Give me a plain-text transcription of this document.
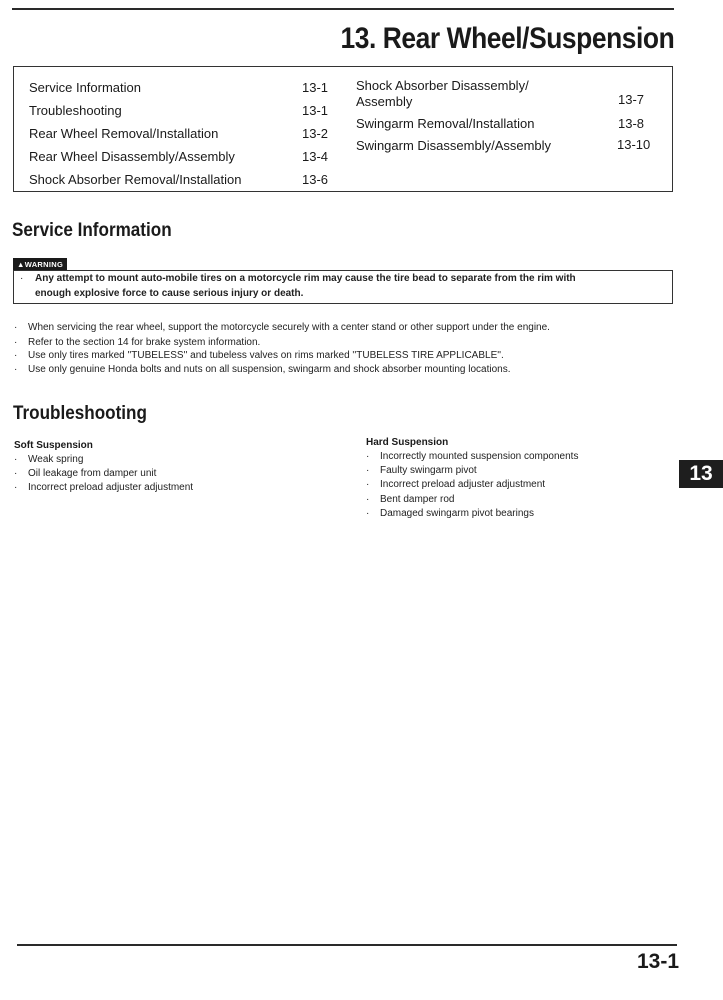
13. Rear Wheel/Suspension
Service Information	13-1
Troubleshooting	13-1
Rear Wheel Removal/Installation	13-2
Rear Wheel Disassembly/Assembly	13-4
Shock Absorber Removal/Installation	13-6
Shock Absorber Disassembly/
Assembly	13-7
Swingarm Removal/Installation	13-8
Swingarm Disassembly/Assembly	13-10
Service Information
▲WARNING
· Any attempt to mount auto-mobile tires on a motorcycle rim may cause the tire bead to separate from the rim with
enough explosive force to cause serious injury or death.
· When servicing the rear wheel, support the motorcycle securely with a center stand or other support under the engine.
· Refer to the section 14 for brake system information.
· Use only tires marked ''TUBELESS'' and tubeless valves on rims marked ''TUBELESS TIRE APPLICABLE''.
· Use only genuine Honda bolts and nuts on all suspension, swingarm and shock absorber mounting locations.
Troubleshooting
Soft Suspension
· Weak spring
· Oil leakage from damper unit
· Incorrect preload adjuster adjustment
Hard Suspension
· Incorrectly mounted suspension components
· Faulty swingarm pivot
· Incorrect preload adjuster adjustment
· Bent damper rod
· Damaged swingarm pivot bearings
13
13-1
